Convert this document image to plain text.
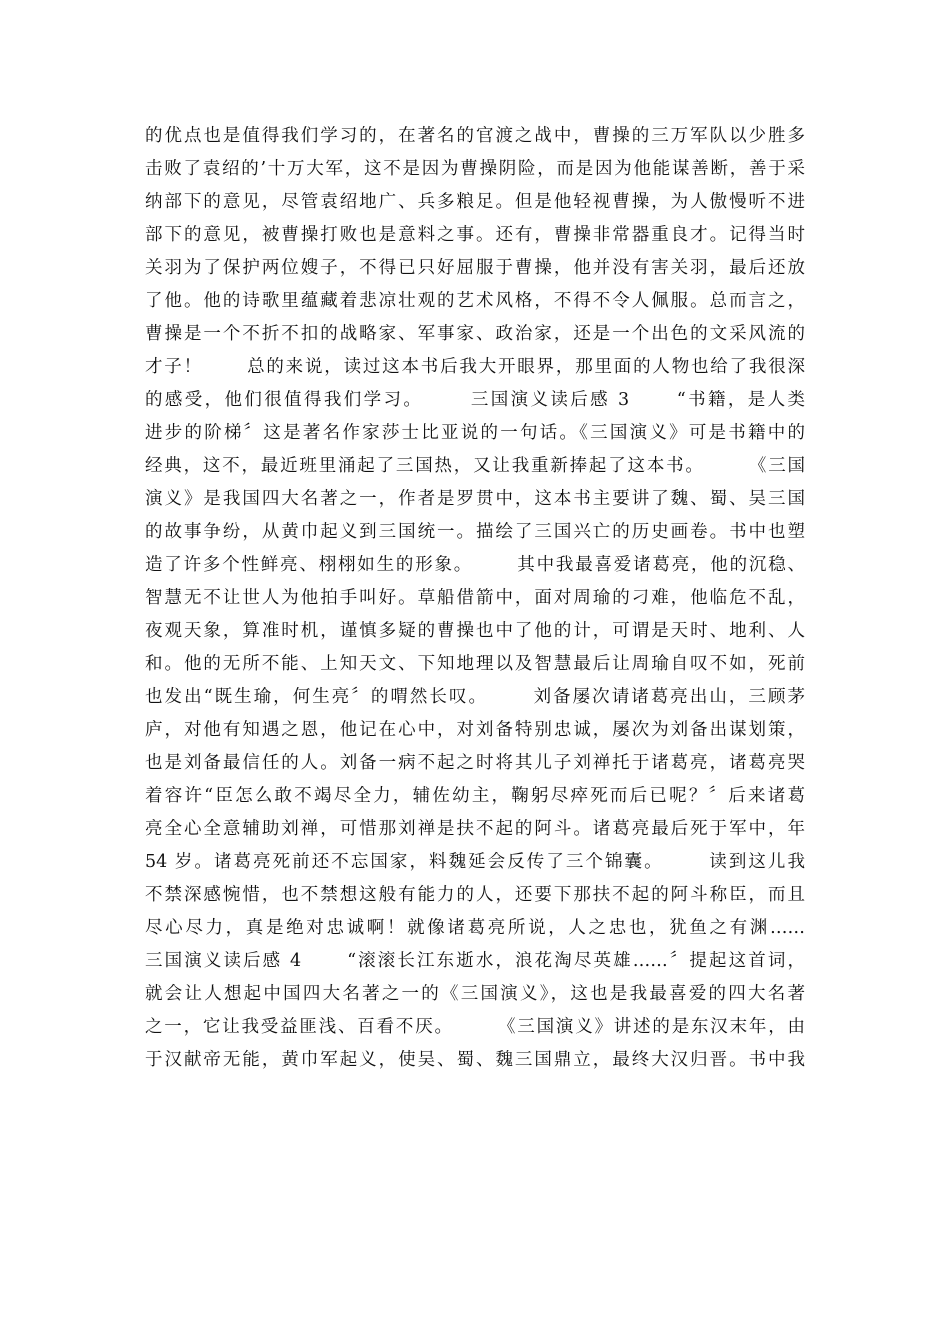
的优点也是值得我们学习的，在著名的官渡之战中，曹操的三万军队以少胜多
击败了袁绍的’十万大军，这不是因为曹操阴险，而是因为他能谋善断，善于采
纳部下的意见，尽管袁绍地广、兵多粮足。但是他轻视曹操，为人傲慢听不进
部下的意见，被曹操打败也是意料之事。还有，曹操非常器重良才。记得当时
关羽为了保护两位嫂子，不得已只好屈服于曹操，他并没有害关羽，最后还放
了他。他的诗歌里蕴藏着悲凉壮观的艺术风格，不得不令人佩服。总而言之，
曹操是一个不折不扣的战略家、军事家、政治家，还是一个出色的文采风流的
才子！      总的来说，读过这本书后我大开眼界，那里面的人物也给了我很深
的感受，他们很值得我们学习。      三国演义读后感 3      “书籍，是人类
进步的阶梯〞这是著名作家莎士比亚说的一句话。《三国演义》可是书籍中的
经典，这不，最近班里涌起了三国热，又让我重新捧起了这本书。      《三国
演义》是我国四大名著之一，作者是罗贯中，这本书主要讲了魏、蜀、吴三国
的故事争纷，从黄巾起义到三国统一。描绘了三国兴亡的历史画卷。书中也塑
造了许多个性鲜亮、栩栩如生的形象。      其中我最喜爱诸葛亮，他的沉稳、
智慧无不让世人为他拍手叫好。草船借箭中，面对周瑜的刁难，他临危不乱，
夜观天象，算准时机，谨慎多疑的曹操也中了他的计，可谓是天时、地利、人
和。他的无所不能、上知天文、下知地理以及智慧最后让周瑜自叹不如，死前
也发出“既生瑜，何生亮〞的喟然长叹。      刘备屡次请诸葛亮出山，三顾茅
庐，对他有知遇之恩，他记在心中，对刘备特别忠诚，屡次为刘备出谋划策，
也是刘备最信任的人。刘备一病不起之时将其儿子刘禅托于诸葛亮，诸葛亮哭
着容许“臣怎么敢不竭尽全力，辅佐幼主，鞠躬尽瘁死而后已呢？〞后来诸葛
亮全心全意辅助刘禅，可惜那刘禅是扶不起的阿斗。诸葛亮最后死于军中，年
54 岁。诸葛亮死前还不忘国家，料魏延会反传了三个锦囊。      读到这儿我
不禁深感惋惜，也不禁想这般有能力的人，还要下那扶不起的阿斗称臣，而且
尽心尽力，真是绝对忠诚啊！就像诸葛亮所说，人之忠也，犹鱼之有渊……
三国演义读后感 4      “滚滚长江东逝水，浪花淘尽英雄……〞提起这首词，
就会让人想起中国四大名著之一的《三国演义》，这也是我最喜爱的四大名著
之一，它让我受益匪浅、百看不厌。      《三国演义》讲述的是东汉末年，由
于汉献帝无能，黄巾军起义，使吴、蜀、魏三国鼎立，最终大汉归晋。书中我
